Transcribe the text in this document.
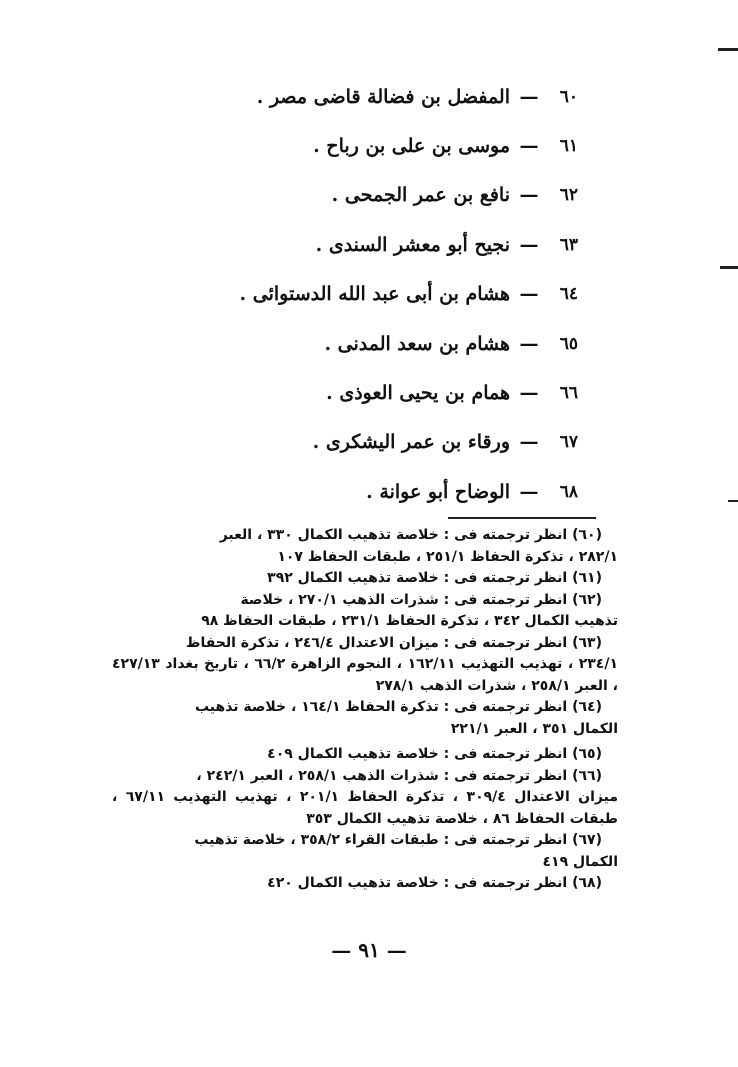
٦٠
—
المفضل بن فضالة قاضى مصر .
٦١
—
موسى بن على بن رباح .
٦٢
—
نافع بن عمر الجمحى .
٦٣
—
نجيح أبو معشر السندى .
٦٤
—
هشام بن أبى عبد الله الدستوائى .
٦٥
—
هشام بن سعد المدنى .
٦٦
—
همام بن يحيى العوذى .
٦٧
—
ورقاء بن عمر اليشكرى .
٦٨
—
الوضاح أبو عوانة .

(٦٠) انظر ترجمته فى : خلاصة تذهيب الكمال ٣٣٠ ، العبر
٢٨٢/١ ، تذكرة الحفاظ ٢٥١/١ ، طبقات الحفاظ ١٠٧

(٦١) انظر ترجمته فى : خلاصة تذهيب الكمال ٣٩٢

(٦٢) انظر ترجمته فى : شذرات الذهب ٢٧٠/١ ، خلاصة
تذهيب الكمال ٣٤٢ ، تذكرة الحفاظ ٢٣١/١ ، طبقات الحفاظ ٩٨

(٦٣) انظر ترجمته فى : ميزان الاعتدال ٢٤٦/٤ ، تذكرة الحفاظ
٢٣٤/١ ، تهذيب التهذيب ١٦٢/١١ ، النجوم الزاهرة ٦٦/٢ ، تاريخ بغداد ٤٢٧/١٣ ، العبر ٢٥٨/١ ، شذرات الذهب ٢٧٨/١

(٦٤) انظر ترجمته فى : تذكرة الحفاظ ١٦٤/١ ، خلاصة تذهيب
الكمال ٣٥١ ، العبر ٢٢١/١

(٦٥) انظر ترجمته فى : خلاصة تذهيب الكمال ٤٠٩

(٦٦) انظر ترجمته فى : شذرات الذهب ٢٥٨/١ ، العبر ٢٤٢/١ ،
ميزان الاعتدال ٣٠٩/٤ ، تذكرة الحفاظ ٢٠١/١ ، تهذيب التهذيب ٦٧/١١ ، طبقات الحفاظ ٨٦ ، خلاصة تذهيب الكمال ٣٥٣

(٦٧) انظر ترجمته فى : طبقات القراء ٣٥٨/٢ ، خلاصة تذهيب
الكمال ٤١٩

(٦٨) انظر ترجمته فى : خلاصة تذهيب الكمال ٤٢٠

— ٩١ —
